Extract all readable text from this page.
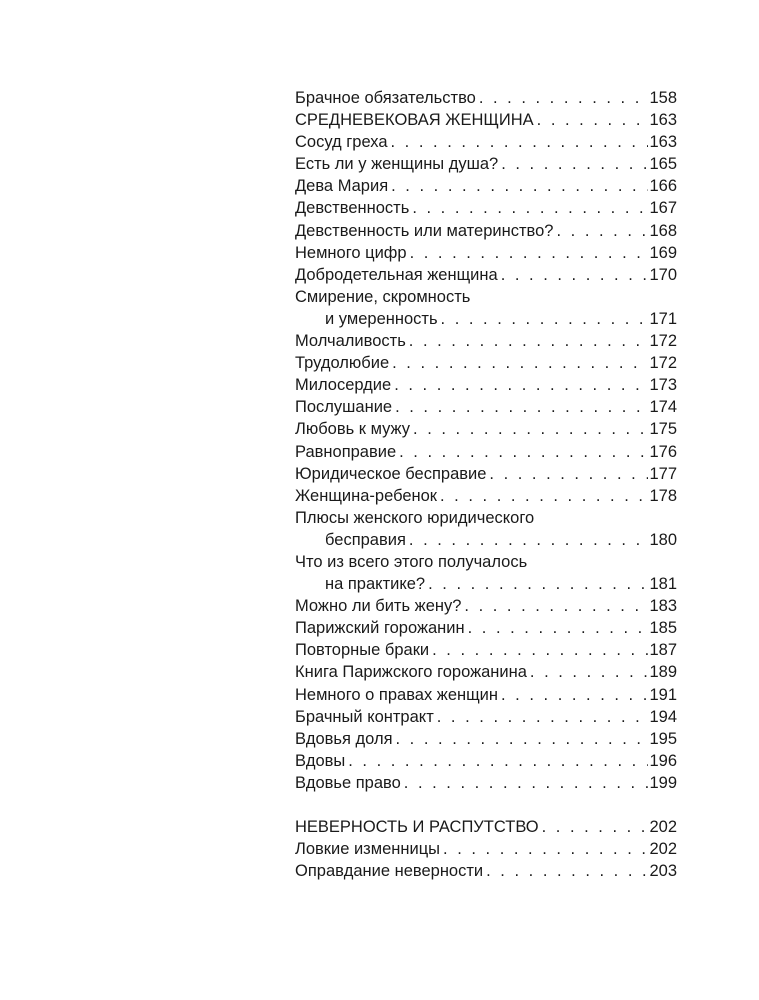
Брачное обязательство . . .	158
СРЕДНЕВЕКОВАЯ ЖЕНЩИНА . . .	163
Сосуд греха . . .	163
Есть ли у женщины душа? . . .	165
Дева Мария . . .	166
Девственность . . .	167
Девственность или материнство? . . .	168
Немного цифр . . .	169
Добродетельная женщина . . .	170
Смирение, скромность
и умеренность . . .	171
Молчаливость . . .	172
Трудолюбие . . .	172
Милосердие . . .	173
Послушание . . .	174
Любовь к мужу . . .	175
Равноправие . . .	176
Юридическое бесправие . . .	177
Женщина-ребенок . . .	178
Плюсы женского юридического
бесправия . . .	180
Что из всего этого получалось
на практике? . . .	181
Можно ли бить жену? . . .	183
Парижский горожанин . . .	185
Повторные браки . . .	187
Книга Парижского горожанина . . .	189
Немного о правах женщин . . .	191
Брачный контракт . . .	194
Вдовья доля . . .	195
Вдовы . . .	196
Вдовье право . . .	199
НЕВЕРНОСТЬ И РАСПУТСТВО . . .	202
Ловкие изменницы . . .	202
Оправдание неверности . . .	203
